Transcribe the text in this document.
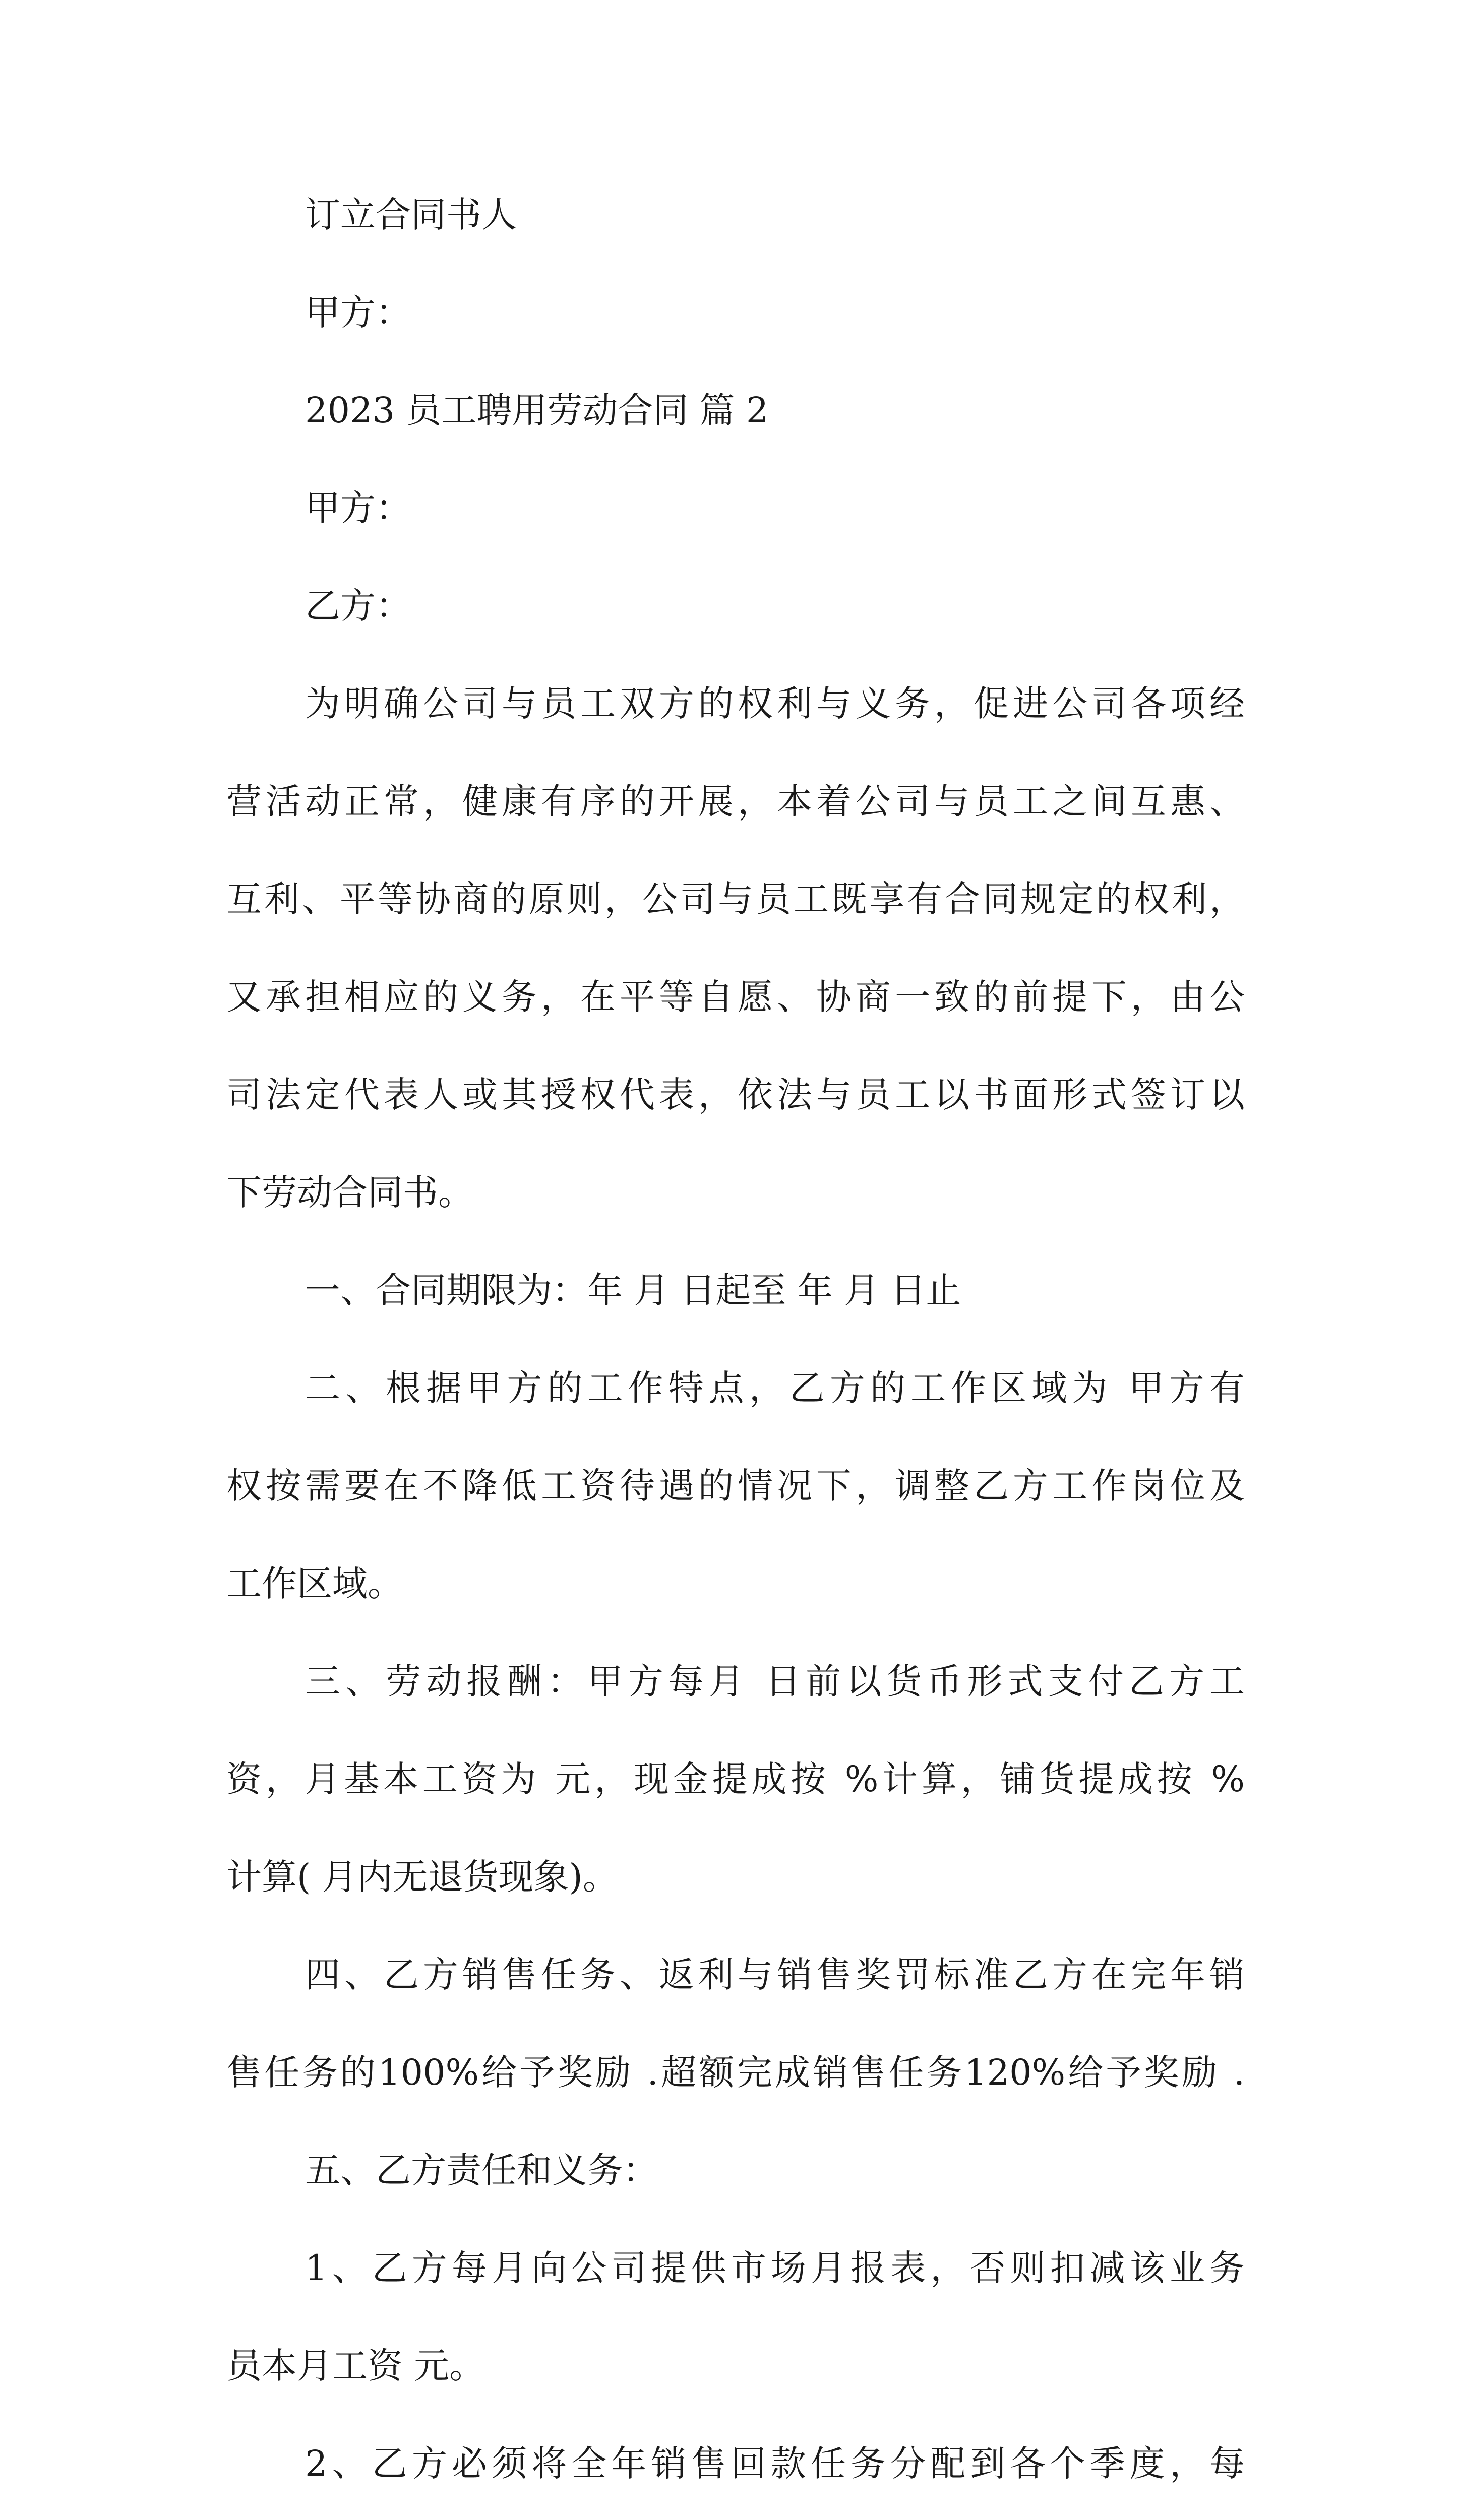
订立合同书人
甲方：
2023 员工聘用劳动合同 篇 2
甲方：
乙方：
为明确公司与员工双方的权利与义务，促进公司各项经
营活动正常，健康有序的开展，本着公司与员工之间互惠、
互利、平等协商的原则，公司与员工既享有合同规定的权利，
又承担相应的义务，在平等自愿、协商一致的前提下，由公
司法定代表人或其授权代表，依法与员工以书面形式签订以
下劳动合同书。
一、合同期限为：年 月 日起至 年 月 日止
二、根据甲方的工作特点，乙方的工作区域为 甲方有
权按需要在不降低工资待遇的情况下，调整乙方工作岗位及
工作区域。
三、劳动报酬：甲方每月 日前以货币形式支付乙方工
资，月基本工资为 元，现金提成按 %计算，铺货提成按 %
计算( 月内无退货现象)。
四、乙方销售任务、返利与销售奖罚标准乙方在完年销
售任务的100%给予奖励 .超额完成销售任务120%给予奖励 .
五、乙方责任和义务：
1、乙方每月向公司提供市场月报表，否则扣减该业务
员本月工资 元。
2、乙方必须将全年销售回款任务分配到各个季度，每
